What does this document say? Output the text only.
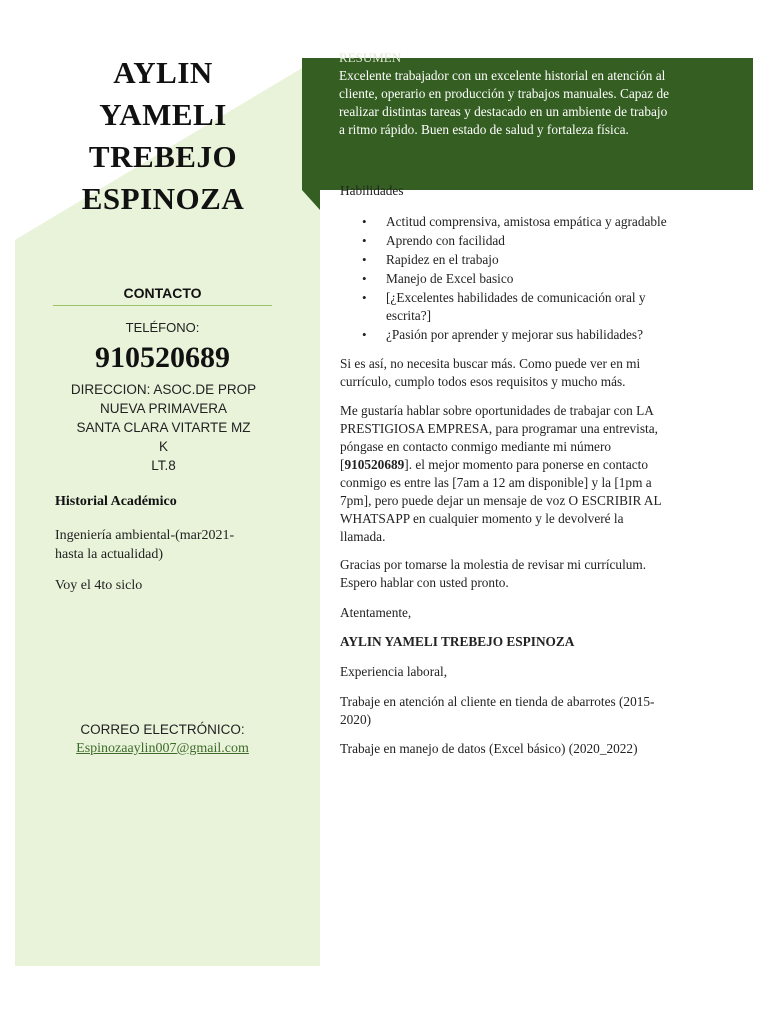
AYLIN
YAMELI
TREBEJO
ESPINOZA
CONTACTO
TELÉFONO:
910520689
DIRECCION: ASOC.DE PROP
NUEVA PRIMAVERA
SANTA CLARA VITARTE MZ
K
LT.8
Historial Académico
Ingeniería ambiental-(mar2021-
hasta la actualidad)
Voy el 4to siclo
CORREO ELECTRÓNICO:
Espinozaaylin007@gmail.com
RESUMEN
Excelente trabajador con un excelente historial en atención al
cliente, operario en producción y trabajos manuales. Capaz de
realizar distintas tareas y destacado en un ambiente de trabajo
a ritmo rápido. Buen estado de salud y fortaleza física.
Habilidades
• Actitud comprensiva, amistosa empática y agradable
• Aprendo con facilidad
• Rapidez en el trabajo
• Manejo de Excel basico
• [¿Excelentes habilidades de comunicación oral y
escrita?]
• ¿Pasión por aprender y mejorar sus habilidades?
Si es así, no necesita buscar más. Como puede ver en mi
currículo, cumplo todos esos requisitos y mucho más.
Me gustaría hablar sobre oportunidades de trabajar con LA
PRESTIGIOSA EMPRESA, para programar una entrevista,
póngase en contacto conmigo mediante mi número
[910520689]. el mejor momento para ponerse en contacto
conmigo es entre las [7am a 12 am disponible] y la [1pm a
7pm], pero puede dejar un mensaje de voz O ESCRIBIR AL
WHATSAPP en cualquier momento y le devolveré la
llamada.
Gracias por tomarse la molestia de revisar mi currículum.
Espero hablar con usted pronto.
Atentamente,
AYLIN YAMELI TREBEJO ESPINOZA
Experiencia laboral,
Trabaje en atención al cliente en tienda de abarrotes (2015-
2020)
Trabaje en manejo de datos (Excel básico) (2020_2022)
